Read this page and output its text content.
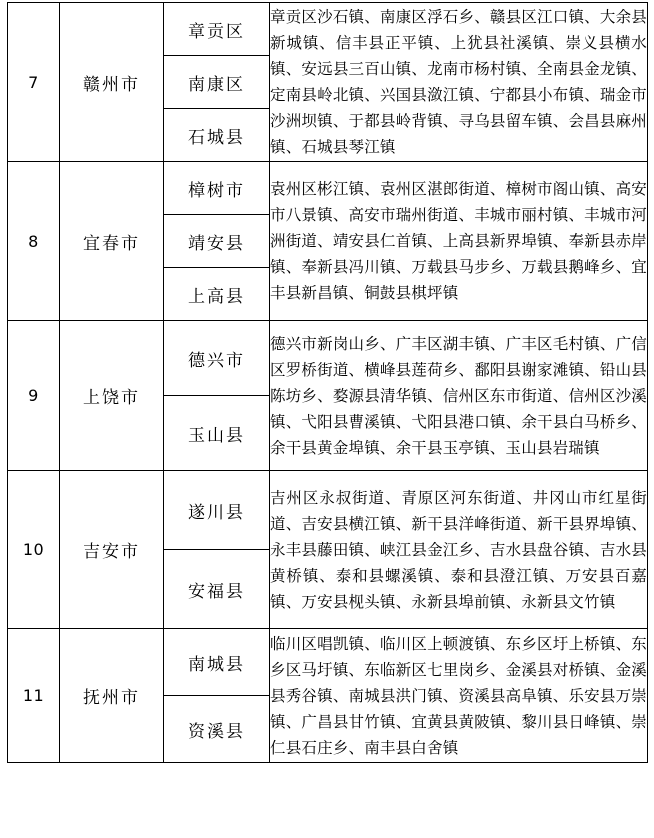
7	赣州市	章贡区	章贡区沙石镇、南康区浮石乡、赣县区江口镇、大余县新城镇、信丰县正平镇、上犹县社溪镇、崇义县横水镇、安远县三百山镇、龙南市杨村镇、全南县金龙镇、定南县岭北镇、兴国县潋江镇、宁都县小布镇、瑞金市沙洲坝镇、于都县岭背镇、寻乌县留车镇、会昌县麻州镇、石城县琴江镇

		南康区	
		石城县	
8	宜春市	樟树市	袁州区彬江镇、袁州区湛郎街道、樟树市阁山镇、高安市八景镇、高安市瑞州街道、丰城市丽村镇、丰城市河洲街道、靖安县仁首镇、上高县新界埠镇、奉新县赤岸镇、奉新县冯川镇、万载县马步乡、万载县鹅峰乡、宜丰县新昌镇、铜鼓县棋坪镇

		靖安县	
		上高县	
9	上饶市	德兴市	德兴市新岗山乡、广丰区湖丰镇、广丰区毛村镇、广信区罗桥街道、横峰县莲荷乡、鄱阳县谢家滩镇、铅山县陈坊乡、婺源县清华镇、信州区东市街道、信州区沙溪镇、弋阳县曹溪镇、弋阳县港口镇、余干县白马桥乡、余干县黄金埠镇、余干县玉亭镇、玉山县岩瑞镇

		玉山县	
10	吉安市	遂川县	吉州区永叔街道、青原区河东街道、井冈山市红星街道、吉安县横江镇、新干县洋峰街道、新干县界埠镇、永丰县藤田镇、峡江县金江乡、吉水县盘谷镇、吉水县黄桥镇、泰和县螺溪镇、泰和县澄江镇、万安县百嘉镇、万安县枧头镇、永新县埠前镇、永新县文竹镇

		安福县	
11	抚州市	南城县	临川区唱凯镇、临川区上顿渡镇、东乡区圩上桥镇、东乡区马圩镇、东临新区七里岗乡、金溪县对桥镇、金溪县秀谷镇、南城县洪门镇、资溪县高阜镇、乐安县万崇镇、广昌县甘竹镇、宜黄县黄陂镇、黎川县日峰镇、崇仁县石庄乡、南丰县白舍镇

		资溪县	
